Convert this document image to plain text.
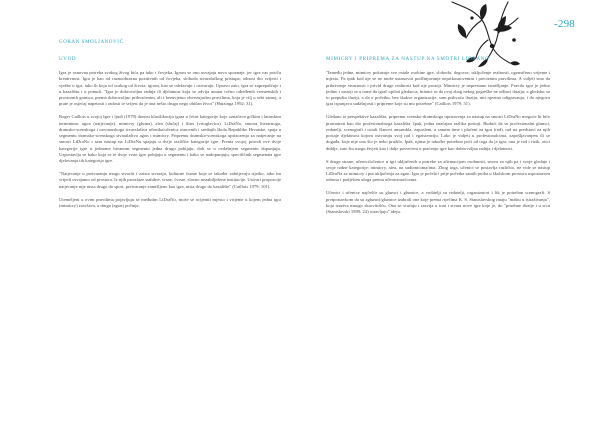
-298
GORAN SMOLJANOVIĆ
UVOD

Igra je osnovna potreba svakog živog bića pa tako i čovjeka. Igrom se ono usvajaju novo spoznaje, jer igra vas potiču kreativnost. Igra je kao od raznoobrazna pozitivnih od čovjeka, sloboda stvaralačkog pristupa; odnosi dio svijesti i vježbe u igri, tako ih koja od svakog od života, igrom, kao se održavaju i ostvaruju. Upravo zato, igra se zaprepašćuje i u kazalištu i u ponudi. "Igra je dobrovoljna radnja ili djelatnost koja se odvija unutar točno određenih vremenskih i prostornih granica, prema dobrovoljno prihvaćenim, ali i bezuvjetno obvezujućim pravilima, koja je cilj u sebi samoj, a prate je osjećaj napetosti i radosti te svijest da je ona nešto drugo nego običan život" (Huizinga 1992: 31).

Roger Caillois u svojoj Igre i ljudi (1979) donosi klasifikaciju igara u četiri kategorije koje označava grčkim i latinskim terminima: agon (natjecanje), mimicry (gluma), alea (slučaj) i ilinx (vrtoglavica). LiDraNo, smotra literarnoga, dramsko-scenskoga i novinarskoga stvaralaštva učenika/učenica osnovnih i srednjih škola Republike Hrvatske, spaja u segmentu dramsko-scenskoga stvaralaštva agon i mimicry. Pripremu dramsko-scenskoga uprizorenja za natjecanje na smotri LiDraNo i sam nastup na LiDraNu spajaju u dvije različite kategorije igre. Prema svojoj prirodi ove dvije kategorije igre u jednome bivanom segmentu jedna drugu pobijaju, dok se u ovdašnjem segmentu dopunjuju. Uzpostavlja se kako koja se te dvije vrste igre pobijaju u segmentu i kako se nadopunjuju, specifičnih segmenata igre djelovanja tih kategorija igre.

"Natjecanje u pretvaranju mogu stvoriti i zaista stvaraju, kulturne forme koje se također zahtijevaju rijetko, iako im vrijedi osvajamo od prostora. Iz njih proizlaze stabilne, vrsne, čvrste, slavno nezabilježene institucije. Ustvari proporcije natjecanje nije nista drugo do sport, pretvaranje zamišljeno kao igra, nista drugo do kazalište" (Caillois 1979: 101).

Utemeljeni u ovim pravilima pojavljuju se međutim LiDraNo, može se ocijeniti mjesto i vrijeme u kojem jedna igra (mimicry) završava, a druga (agon) počinje.

MIMICRY I PRIPREMA ZA NASTUP NA SMOTRI LIDRANO

"Između jedne, mimicry pokazuje sve ostale osobine igre, slobodu, dogovor, isključenje realnosti, ograničeno vrijeme i mjesto. Pa ipak kod nje se ne može ustanoviti podčinjavanje neprikosnovenim i preciznim pravilima. A vidjeli smo da prikrivanje stvarnosti i privid druge realnosti kod nje postoji. Mimicry je neprestano izmišljanje. Pravilo igre je jedno jedino i sastoji se u tome da igrač opčini gledaoca, bránici se da ovaj zbog nekog pogreške ne odbaci iluziju; a gledalac se to prepušta iluziji, a da u početku, bez ikakve organizacije, sam prihvaća iluziju, niti njezina odigravanja, i da njegova igra ispunjava sadašnjosti i pripreme koje su mu potrebne" (Caillois 1979: 51).

Gledano iz perspektive kazališta, pripremu scensko-dramskoga uprizorenja za nastup na smotri LiDraNo moguće bi bilo promatrati kao dio profesionalnoga kazališta. Ipak, jedna značajna razlika postoji. Budući da su profesionalni glumci, redatelji, scenografi i ostali članovi ansambla, zaposleni, a samim time i plaćeni za igru (rad), rad na predstavi za njih postaje djelatnost kojom ostvaruju svoj rad i egzistenciju. Lako je vidjeti u profesionalcima, zapošljavanjem ili se događa, koje nije ono što je neko pružilo. Ipak, njima je također potrebno poći od toga da je igra, ona je rad i rizik, otici dublje, zato što mogu živjeti kao i dalje posvećeni u praćenju igre kao dobrovoljna radnja i djelatnost.

S druge strane, učenici/učenice u igri uključenih u potrebe za afirmacijom osobnosti, snova za njih pa i svoje gledaje i svoje radne kategorije: mimicry, alea, na sudionicima/ima. Zbog toga, učenici se postavlja različito, ne vide se nastup LiDraNa za mimicry i put uključenja za agon. Igra je počela i prije početka samih proba u školskom prostoru uspostavom odnosa i podjelom uloga prema učenicima/icama.

Učenici i učenice najčešće su glumci i glumice, a voditelji su redatelji, organizatori i lik je potreban scenografi. S pretpostavkom da su zglumci/glumice izabrali one koje prema riječima K. S. Stanislavskog imaju "maštu u istraživanju", koja izaziva mnogo skrovitošću. Ona se vraćaju i razvija u tom i stvara nove igre koje je, do "posebne iluzije i u srcu (Stanislavski 1989: 24) ostavljaju" ideju.
